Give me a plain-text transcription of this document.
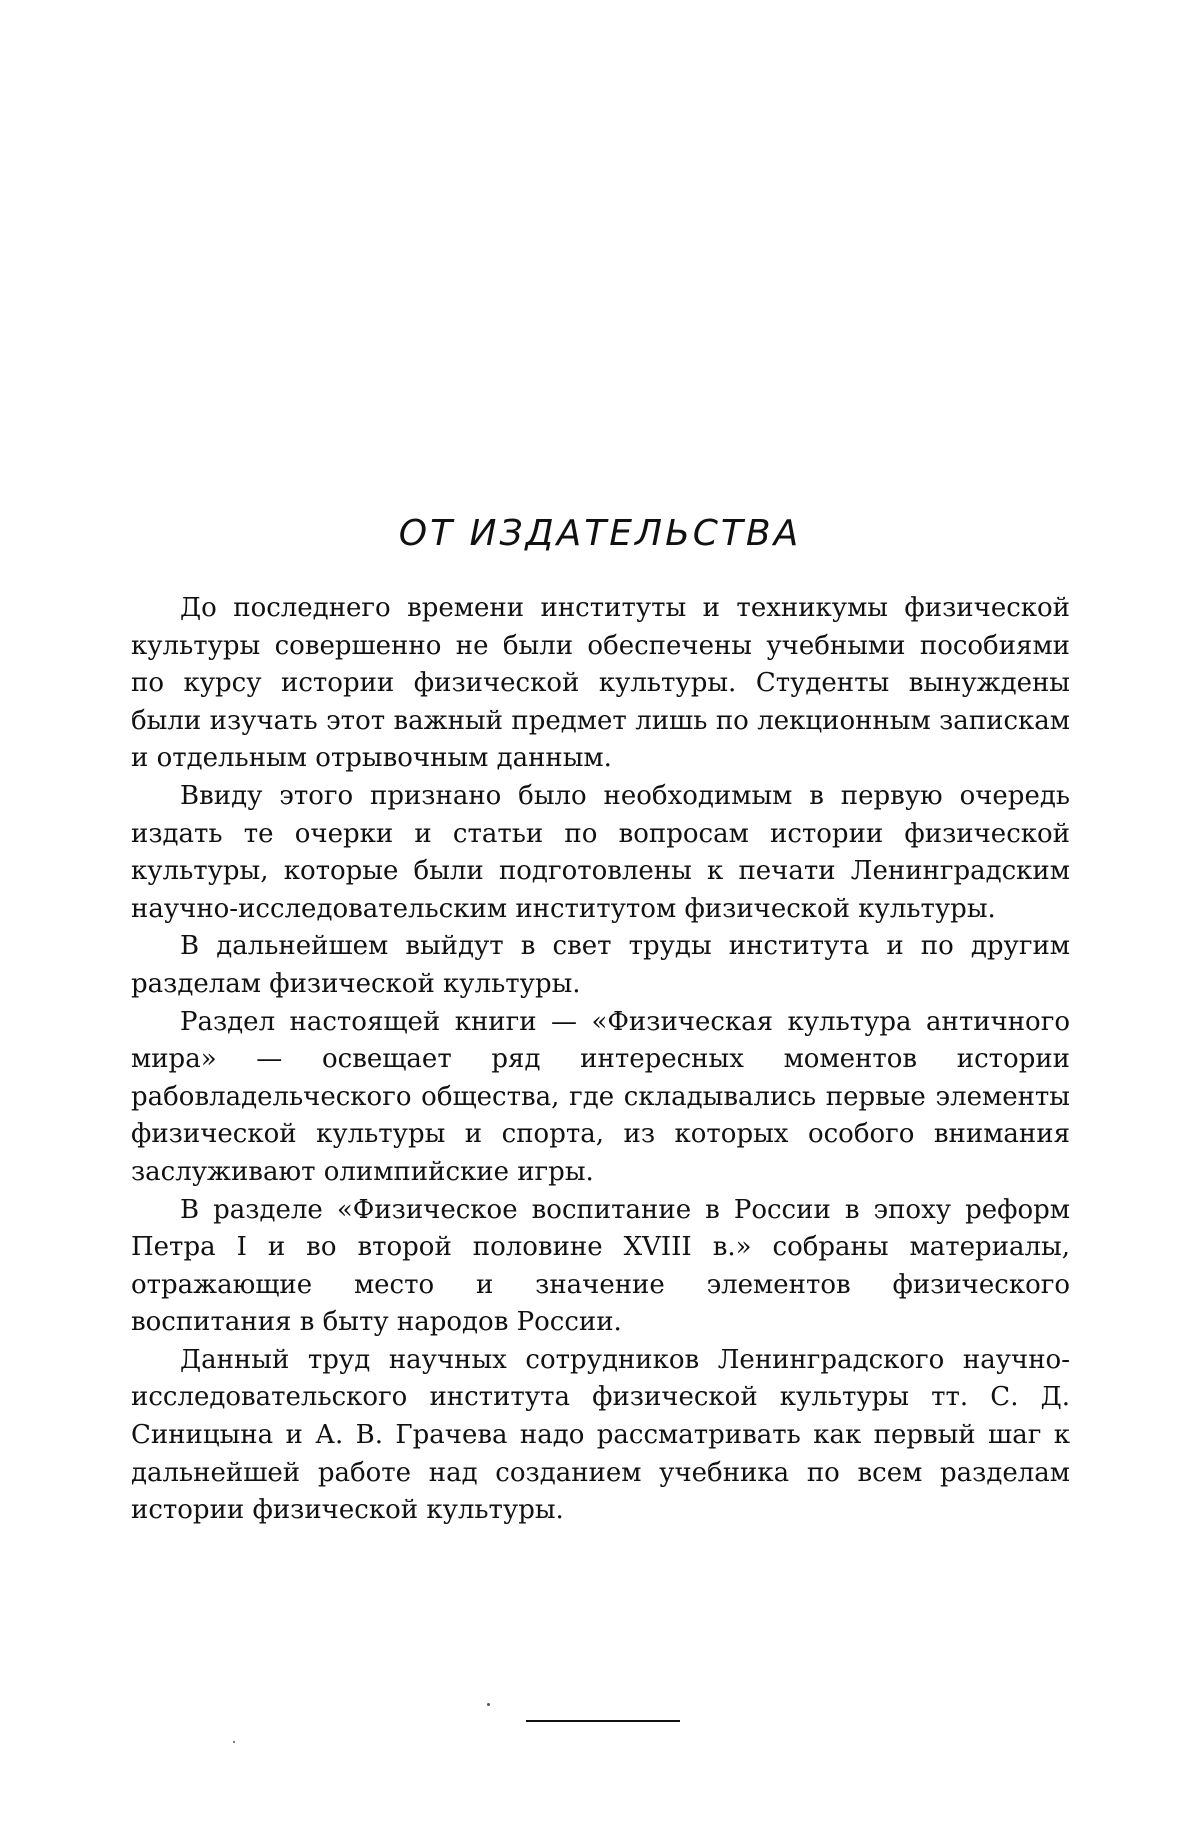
ОТ ИЗДАТЕЛЬСТВА

До последнего времени институты и техникумы физической культуры совершенно не были обеспечены учебными пособиями по курсу истории физической культуры. Студенты вынуждены были изучать этот важный предмет лишь по лекционным запискам и отдельным отрывочным данным.

Ввиду этого признано было необходимым в первую очередь издать те очерки и статьи по вопросам истории физической культуры, которые были подготовлены к печати Ленинградским научно-исследовательским институтом физической культуры.

В дальнейшем выйдут в свет труды института и по другим разделам физической культуры.

Раздел настоящей книги — «Физическая культура античного мира» — освещает ряд интересных моментов истории рабовладельческого общества, где складывались первые элементы физической культуры и спорта, из которых особого внимания заслуживают олимпийские игры.

В разделе «Физическое воспитание в России в эпоху реформ Петра I и во второй половине XVIII в.» собраны материалы, отражающие место и значение элементов физического воспитания в быту народов России.

Данный труд научных сотрудников Ленинградского научно-исследовательского института физической культуры тт. С. Д. Синицына и А. В. Грачева надо рассматривать как первый шаг к дальнейшей работе над созданием учебника по всем разделам истории физической культуры.
